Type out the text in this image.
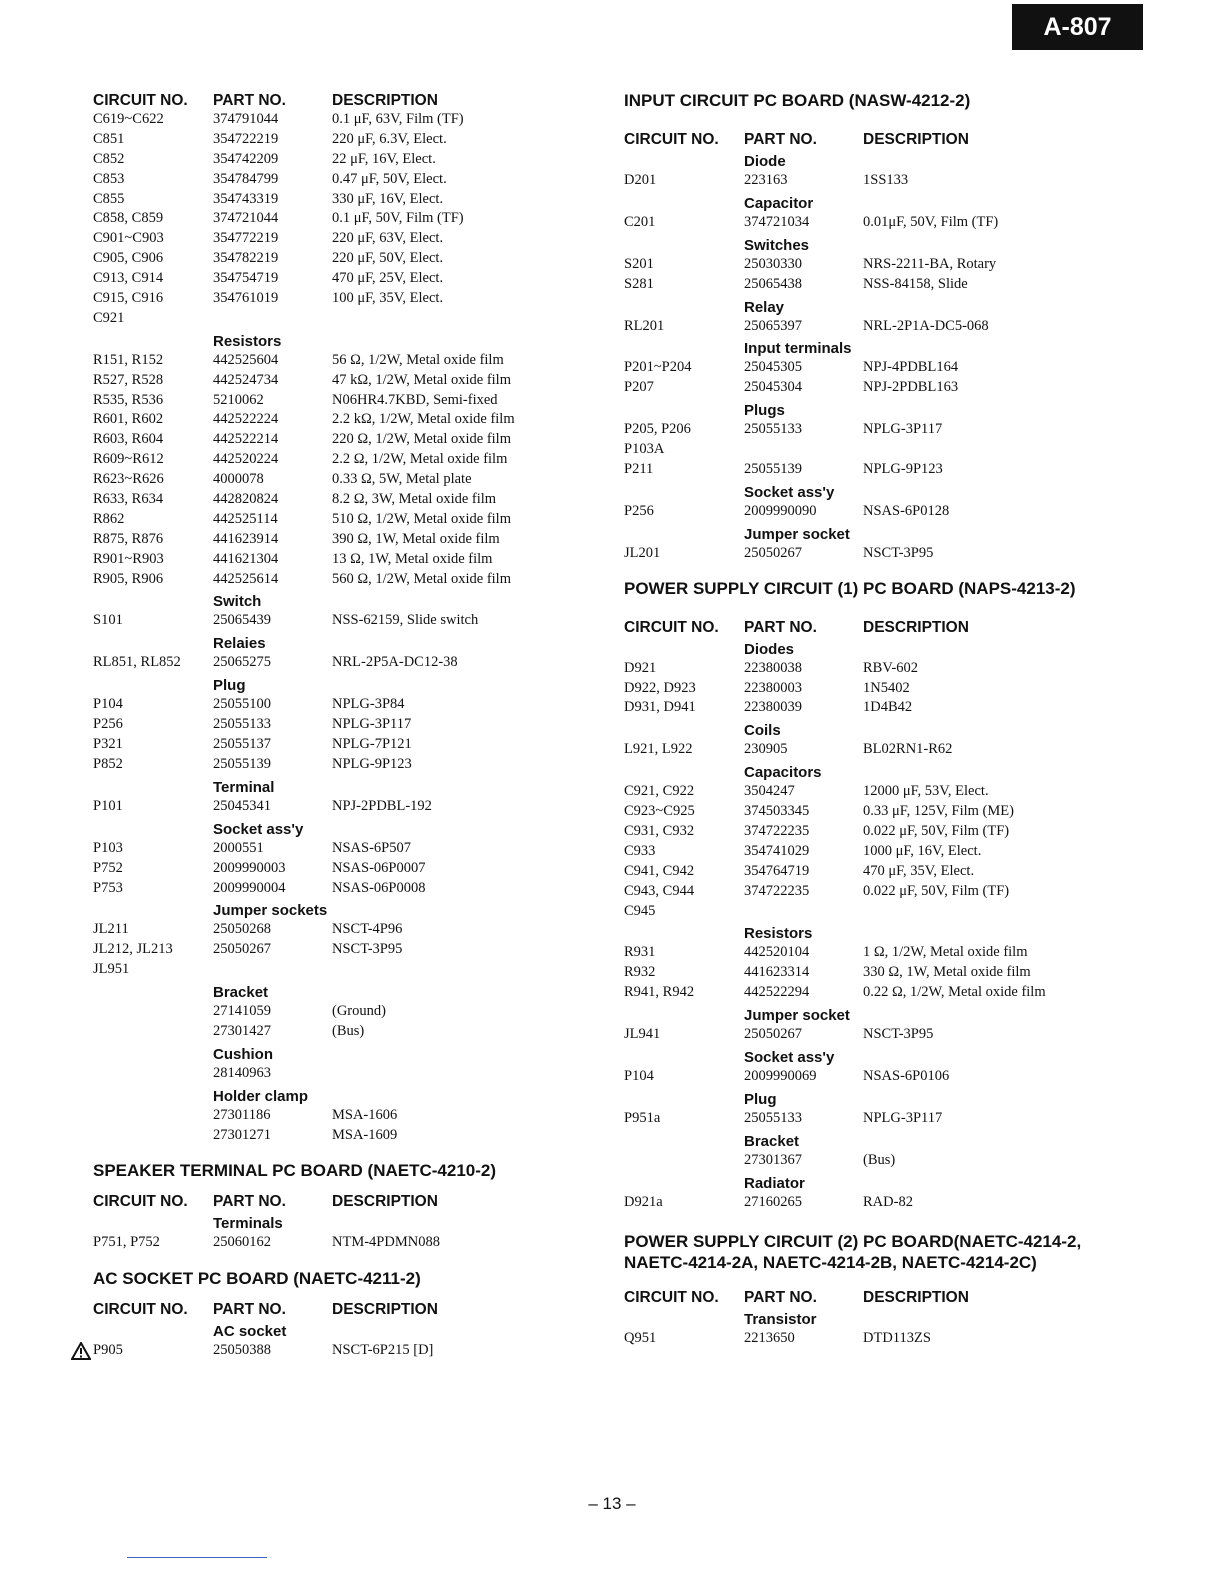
A-807
CIRCUIT NO.	PART NO.	DESCRIPTION
C619~C622	374791044	0.1 μF, 63V, Film (TF)
C851	354722219	220 μF, 6.3V, Elect.
C852	354742209	22 μF, 16V, Elect.
C853	354784799	0.47 μF, 50V, Elect.
C855	354743319	330 μF, 16V, Elect.
C858, C859	374721044	0.1 μF, 50V, Film (TF)
C901~C903	354772219	220 μF, 63V, Elect.
C905, C906	354782219	220 μF, 50V, Elect.
C913, C914	354754719	470 μF, 25V, Elect.
C915, C916	354761019	100 μF, 35V, Elect.
C921
Resistors
R151, R152	442525604	56 Ω, 1/2W, Metal oxide film
R527, R528	442524734	47 kΩ, 1/2W, Metal oxide film
R535, R536	5210062	N06HR4.7KBD, Semi-fixed
R601, R602	442522224	2.2 kΩ, 1/2W, Metal oxide film
R603, R604	442522214	220 Ω, 1/2W, Metal oxide film
R609~R612	442520224	2.2 Ω, 1/2W, Metal oxide film
R623~R626	4000078	0.33 Ω, 5W, Metal plate
R633, R634	442820824	8.2 Ω, 3W, Metal oxide film
R862	442525114	510 Ω, 1/2W, Metal oxide film
R875, R876	441623914	390 Ω, 1W, Metal oxide film
R901~R903	441621304	13 Ω, 1W, Metal oxide film
R905, R906	442525614	560 Ω, 1/2W, Metal oxide film
Switch
S101	25065439	NSS-62159, Slide switch
Relaies
RL851, RL852	25065275	NRL-2P5A-DC12-38
Plug
P104	25055100	NPLG-3P84
P256	25055133	NPLG-3P117
P321	25055137	NPLG-7P121
P852	25055139	NPLG-9P123
Terminal
P101	25045341	NPJ-2PDBL-192
Socket ass'y
P103	2000551	NSAS-6P507
P752	2009990003	NSAS-06P0007
P753	2009990004	NSAS-06P0008
Jumper sockets
JL211	25050268	NSCT-4P96
JL212, JL213	25050267	NSCT-3P95
JL951
Bracket
27141059	(Ground)
27301427	(Bus)
Cushion
28140963
Holder clamp
27301186	MSA-1606
27301271	MSA-1609
SPEAKER TERMINAL PC BOARD (NAETC-4210-2)
CIRCUIT NO.	PART NO.	DESCRIPTION
Terminals
P751, P752	25060162	NTM-4PDMN088
AC SOCKET PC BOARD (NAETC-4211-2)
CIRCUIT NO.	PART NO.	DESCRIPTION
AC socket
P905	25050388	NSCT-6P215 [D]
INPUT CIRCUIT PC BOARD (NASW-4212-2)
CIRCUIT NO.	PART NO.	DESCRIPTION
Diode
D201	223163	1SS133
Capacitor
C201	374721034	0.01μF, 50V, Film (TF)
Switches
S201	25030330	NRS-2211-BA, Rotary
S281	25065438	NSS-84158, Slide
Relay
RL201	25065397	NRL-2P1A-DC5-068
Input terminals
P201~P204	25045305	NPJ-4PDBL164
P207	25045304	NPJ-2PDBL163
Plugs
P205, P206	25055133	NPLG-3P117
P103A
P211	25055139	NPLG-9P123
Socket ass'y
P256	2009990090	NSAS-6P0128
Jumper socket
JL201	25050267	NSCT-3P95
POWER SUPPLY CIRCUIT (1) PC BOARD (NAPS-4213-2)
CIRCUIT NO.	PART NO.	DESCRIPTION
Diodes
D921	22380038	RBV-602
D922, D923	22380003	1N5402
D931, D941	22380039	1D4B42
Coils
L921, L922	230905	BL02RN1-R62
Capacitors
C921, C922	3504247	12000 μF, 53V, Elect.
C923~C925	374503345	0.33 μF, 125V, Film (ME)
C931, C932	374722235	0.022 μF, 50V, Film (TF)
C933	354741029	1000 μF, 16V, Elect.
C941, C942	354764719	470 μF, 35V, Elect.
C943, C944	374722235	0.022 μF, 50V, Film (TF)
C945
Resistors
R931	442520104	1 Ω, 1/2W, Metal oxide film
R932	441623314	330 Ω, 1W, Metal oxide film
R941, R942	442522294	0.22 Ω, 1/2W, Metal oxide film
Jumper socket
JL941	25050267	NSCT-3P95
Socket ass'y
P104	2009990069	NSAS-6P0106
Plug
P951a	25055133	NPLG-3P117
Bracket
27301367	(Bus)
Radiator
D921a	27160265	RAD-82
POWER SUPPLY CIRCUIT (2) PC BOARD(NAETC-4214-2,
NAETC-4214-2A, NAETC-4214-2B, NAETC-4214-2C)
CIRCUIT NO.	PART NO.	DESCRIPTION
Transistor
Q951	2213650	DTD113ZS
– 13 –
